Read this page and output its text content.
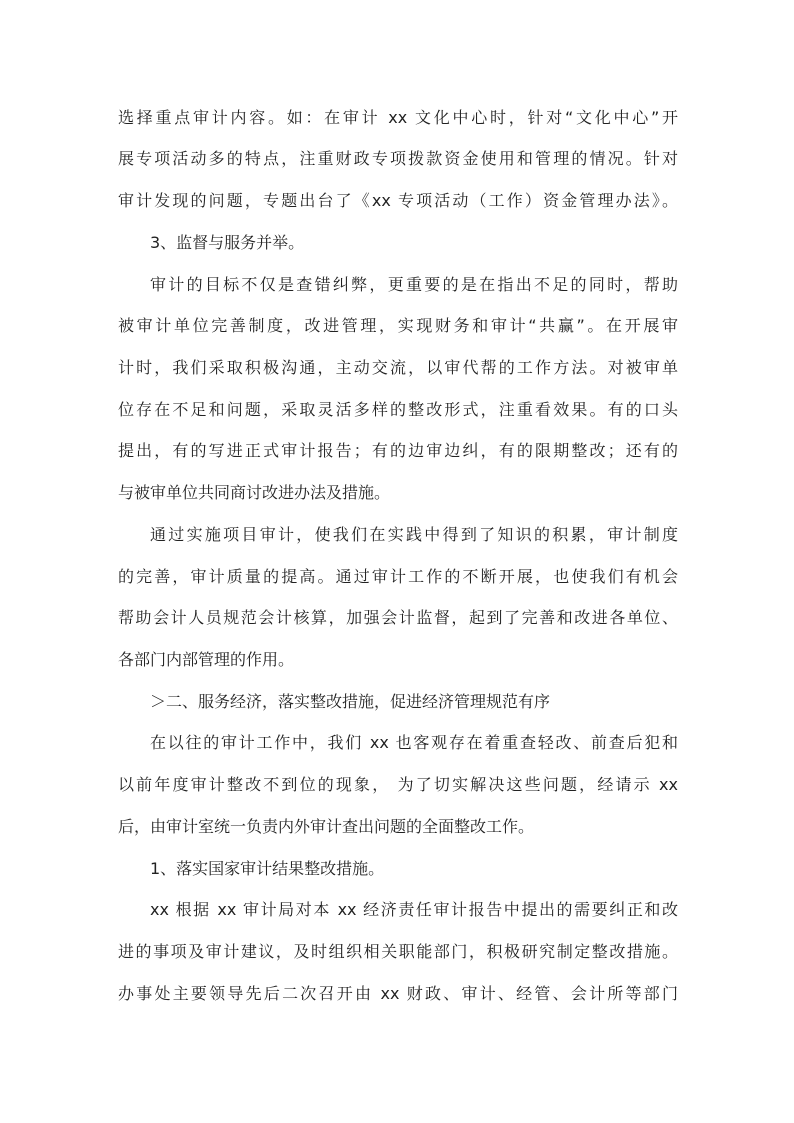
选择重点审计内容。如：在审计 xx 文化中心时，针对“文化中心”开
展专项活动多的特点，注重财政专项拨款资金使用和管理的情况。针对
审计发现的问题，专题出台了《xx 专项活动（工作）资金管理办法》。
3、监督与服务并举。
审计的目标不仅是查错纠弊，更重要的是在指出不足的同时，帮助
被审计单位完善制度，改进管理，实现财务和审计“共赢”。在开展审
计时，我们采取积极沟通，主动交流，以审代帮的工作方法。对被审单
位存在不足和问题，采取灵活多样的整改形式，注重看效果。有的口头
提出，有的写进正式审计报告；有的边审边纠，有的限期整改；还有的
与被审单位共同商讨改进办法及措施。
通过实施项目审计，使我们在实践中得到了知识的积累，审计制度
的完善，审计质量的提高。通过审计工作的不断开展，也使我们有机会
帮助会计人员规范会计核算，加强会计监督，起到了完善和改进各单位、
各部门内部管理的作用。
＞二、服务经济，落实整改措施，促进经济管理规范有序
在以往的审计工作中，我们 xx 也客观存在着重查轻改、前查后犯和
以前年度审计整改不到位的现象， 为了切实解决这些问题，经请示 xx
后，由审计室统一负责内外审计查出问题的全面整改工作。
1、落实国家审计结果整改措施。
xx 根据 xx 审计局对本 xx 经济责任审计报告中提出的需要纠正和改
进的事项及审计建议，及时组织相关职能部门，积极研究制定整改措施。
办事处主要领导先后二次召开由 xx 财政、审计、经管、会计所等部门
